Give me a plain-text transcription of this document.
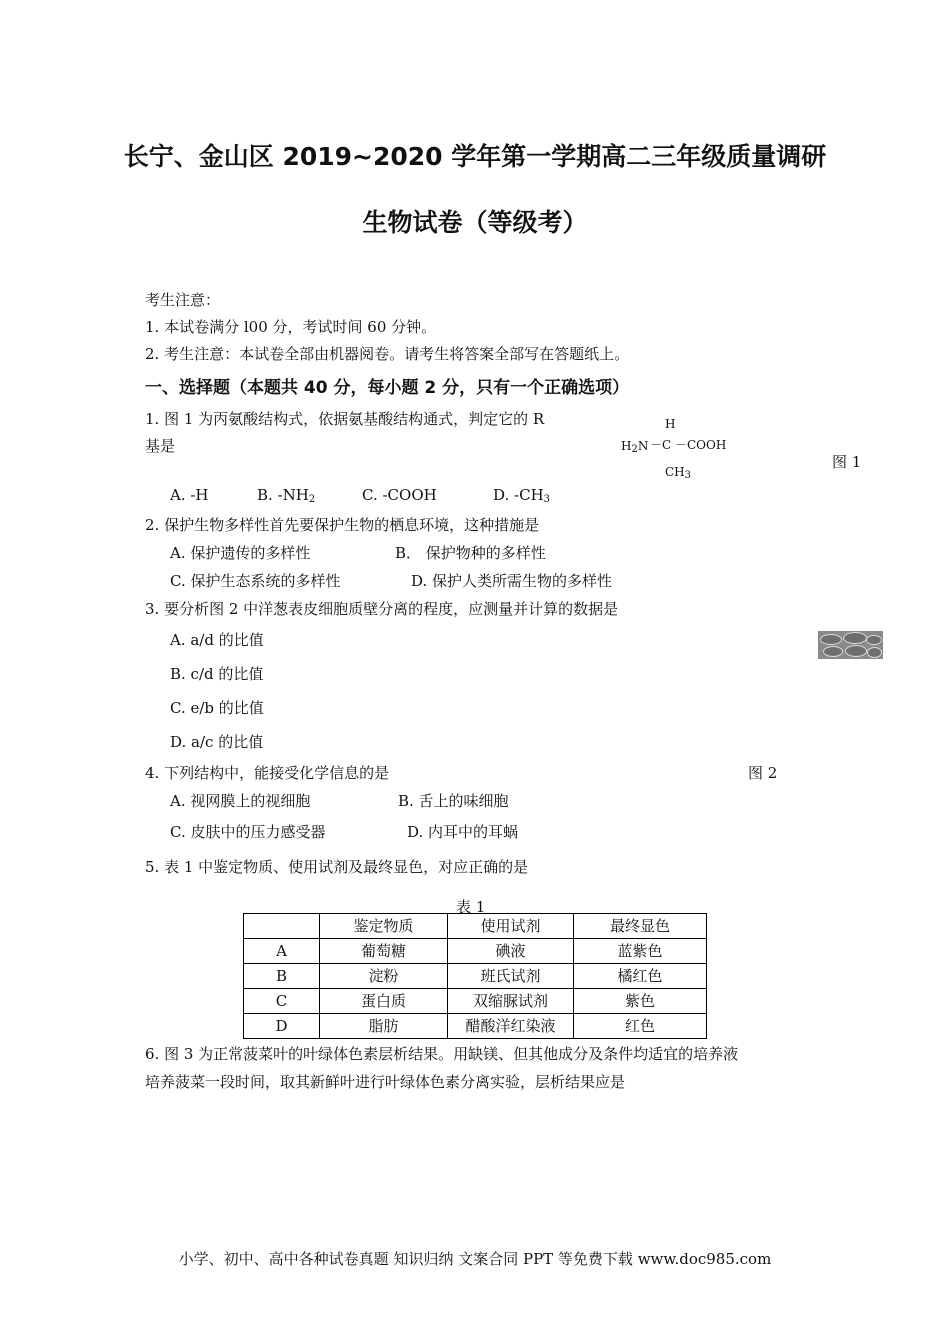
长宁、金山区 2019~2020 学年第一学期高二三年级质量调研
生物试卷（等级考）
考生注意：
1. 本试卷满分 l00 分，考试时间 60 分钟。
2. 考生注意：本试卷全部由机器阅卷。请考生将答案全部写在答题纸上。
一、选择题（本题共 40 分，每小题 2 分，只有一个正确选项）
1. 图 1 为丙氨酸结构式，依据氨基酸结构通式，判定它的 R
基是
H
$H_2N -C$ －COOH
$CH_3$
图 1
A. -H	B. $-NH_2$	C. -COOH	D. $-CH_3$
2. 保护生物多样性首先要保护生物的栖息环境，这种措施是
A. 保护遗传的多样性	B． 保护物种的多样性
C. 保护生态系统的多样性	D. 保护人类所需生物的多样性
3. 要分析图 2 中洋葱表皮细胞质壁分离的程度，应测量并计算的数据是
A. a/d 的比值
B. c/d 的比值
C. e/b 的比值
D. a/c 的比值
4. 下列结构中，能接受化学信息的是	图 2
A. 视网膜上的视细胞	B. 舌上的味细胞
C. 皮肤中的压力感受器	D. 内耳中的耳蜗
5. 表 1 中鉴定物质、使用试剂及最终显色，对应正确的是
表 1
	鉴定物质	使用试剂	最终显色
A	葡萄糖	碘液	蓝紫色
B	淀粉	班氏试剂	橘红色
C	蛋白质	双缩脲试剂	紫色
D	脂肪	醋酸洋红染液	红色
6. 图 3 为正常菠菜叶的叶绿体色素层析结果。用缺镁、但其他成分及条件均适宜的培养液
培养菠菜一段时间，取其新鲜叶进行叶绿体色素分离实验，层析结果应是
小学、初中、高中各种试卷真题 知识归纳 文案合同 PPT 等免费下载 www.doc985.com
